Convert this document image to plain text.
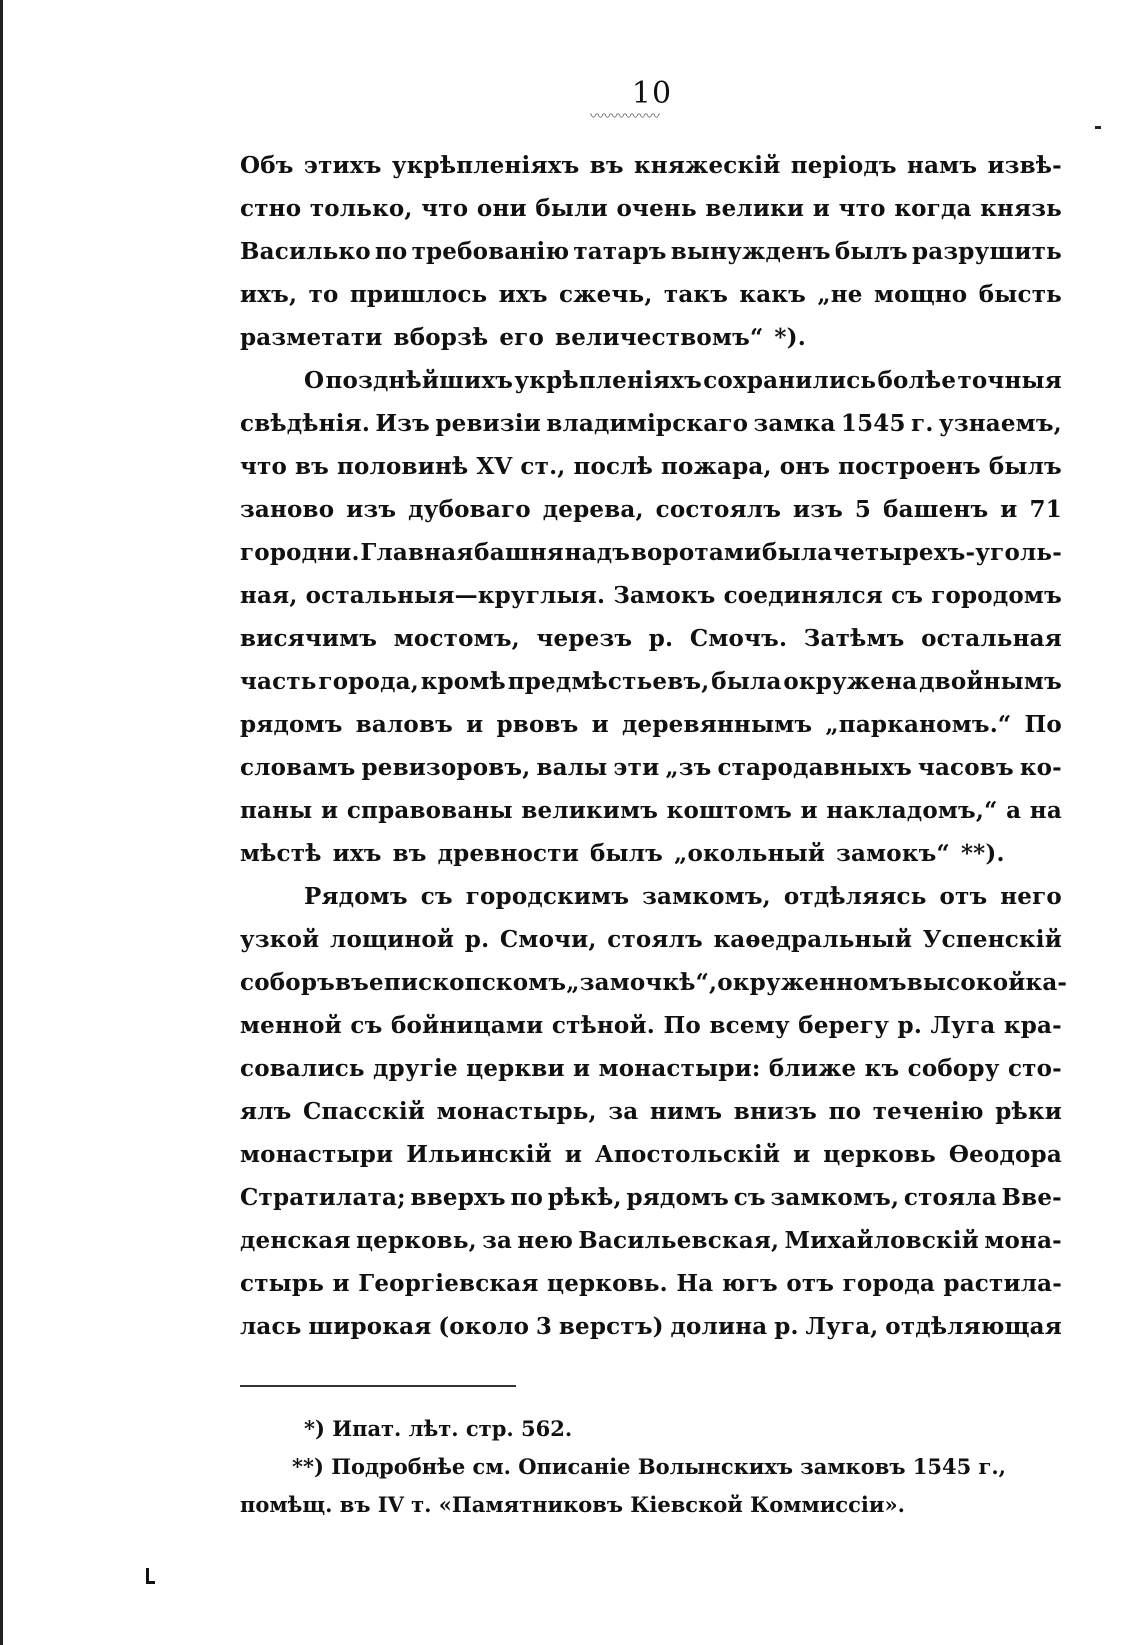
10
〰〰〰〰〰
Объ этихъ укрѣпленiяхъ въ княжескiй перiодъ намъ извѣ-
стно только, что они были очень велики и что когда князь
Василько по требованiю татаръ вынужденъ былъ разрушить
ихъ, то пришлось ихъ сжечь, такъ какъ „не мощно бысть
разметати вборзѣ его величествомъ“ *).
О позднѣйшихъ укрѣпленiяхъ сохранились болѣе точныя
свѣдѣнiя. Изъ ревизiи владимiрскаго замка 1545 г. узнаемъ,
что въ половинѣ XV ст., послѣ пожара, онъ построенъ былъ
заново изъ дубоваго дерева, состоялъ изъ 5 башенъ и 71
городни. Главная башня надъ воротами была четырехъ-уголь-
ная, остальныя—круглыя. Замокъ соединялся съ городомъ
висячимъ мостомъ, черезъ р. Смочъ. Затѣмъ остальная
часть города, кромѣ предмѣстьевъ, была окружена двойнымъ
рядомъ валовъ и рвовъ и деревяннымъ „парканомъ.“ По
словамъ ревизоровъ, валы эти „зъ стародавныхъ часовъ ко-
паны и справованы великимъ коштомъ и накладомъ,“ а на
мѣстѣ ихъ въ древности былъ „окольный замокъ“ **).
Рядомъ съ городскимъ замкомъ, отдѣляясь отъ него
узкой лощиной р. Смочи, стоялъ каѳедральный Успенскiй
соборъ въ епископскомъ „замочкѣ“, окруженномъ высокой ка-
менной съ бойницами стѣной. По всему берегу р. Луга кра-
совались другiе церкви и монастыри: ближе къ собору сто-
ялъ Спасскiй монастырь, за нимъ внизъ по теченiю рѣки
монастыри Ильинскiй и Апостольскiй и церковь Ѳеодора
Стратилата; вверхъ по рѣкѣ, рядомъ съ замкомъ, стояла Вве-
денская церковь, за нею Васильевская, Михайловскiй мона-
стырь и Георгiевская церковь. На югъ отъ города растила-
лась широкая (около 3 верстъ) долина р. Луга, отдѣляющая
*) Ипат. лѣт. стр. 562.
**) Подробнѣе см. Описанiе Волынскихъ замковъ 1545 г.,
помѣщ. въ IV т. «Памятниковъ Кiевской Коммиссiи».
